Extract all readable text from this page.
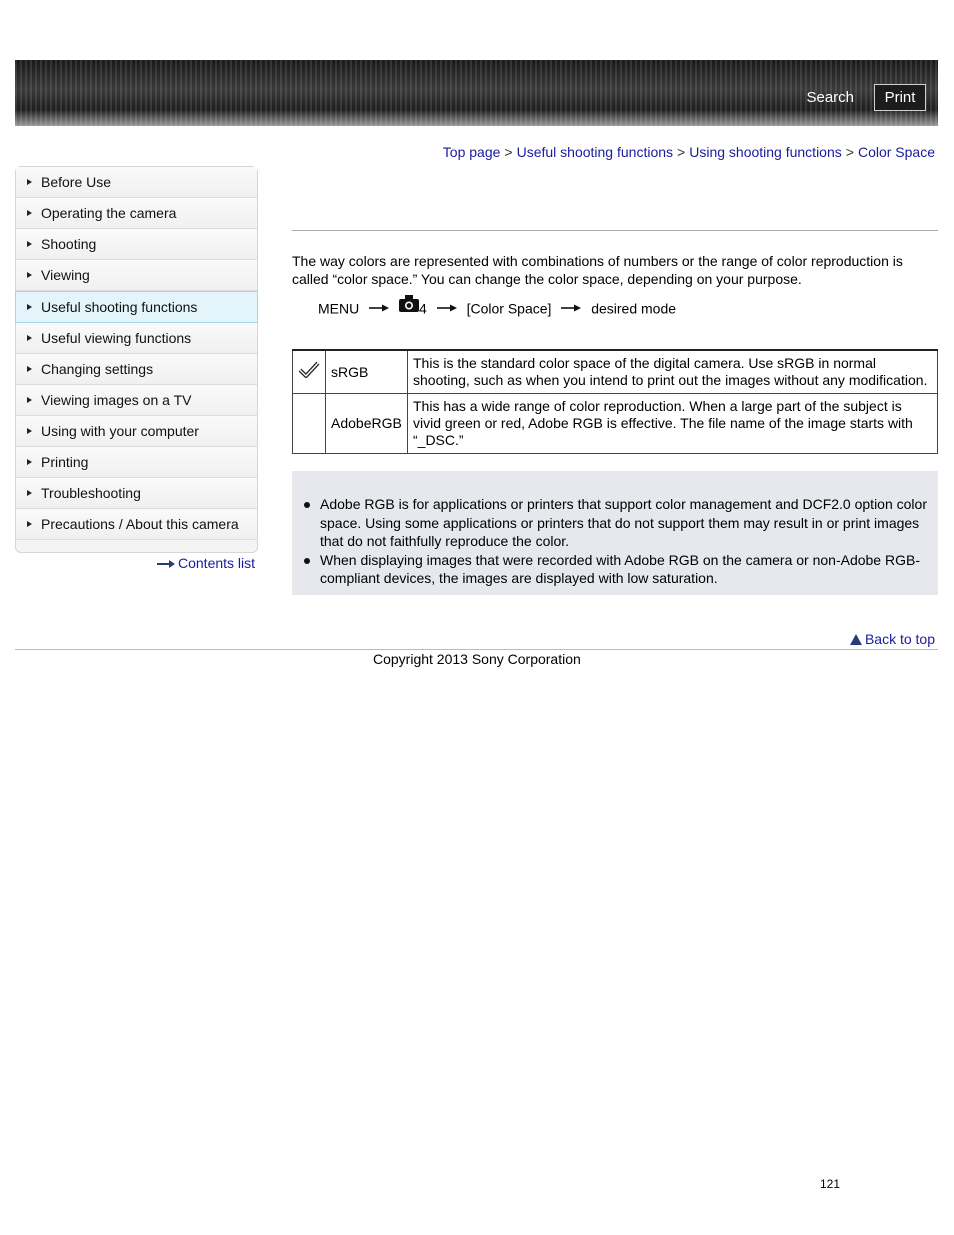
Search	Print
Top page > Useful shooting functions > Using shooting functions > Color Space
Before Use
Operating the camera
Shooting
Viewing
Useful shooting functions
Useful viewing functions
Changing settings
Viewing images on a TV
Using with your computer
Printing
Troubleshooting
Precautions / About this camera
Contents list
The way colors are represented with combinations of numbers or the range of color reproduction is called “color space.” You can change the color space, depending on your purpose.
MENU	4	[Color Space]	desired mode
	sRGB	This is the standard color space of the digital camera. Use sRGB in normal shooting, such as when you intend to print out the images without any modification.
	AdobeRGB	This has a wide range of color reproduction. When a large part of the subject is vivid green or red, Adobe RGB is effective. The file name of the image starts with “_DSC.”
Adobe RGB is for applications or printers that support color management and DCF2.0 option color space. Using some applications or printers that do not support them may result in or print images that do not faithfully reproduce the color.
When displaying images that were recorded with Adobe RGB on the camera or non-Adobe RGB-compliant devices, the images are displayed with low saturation.
Back to top
Copyright 2013 Sony Corporation
121
